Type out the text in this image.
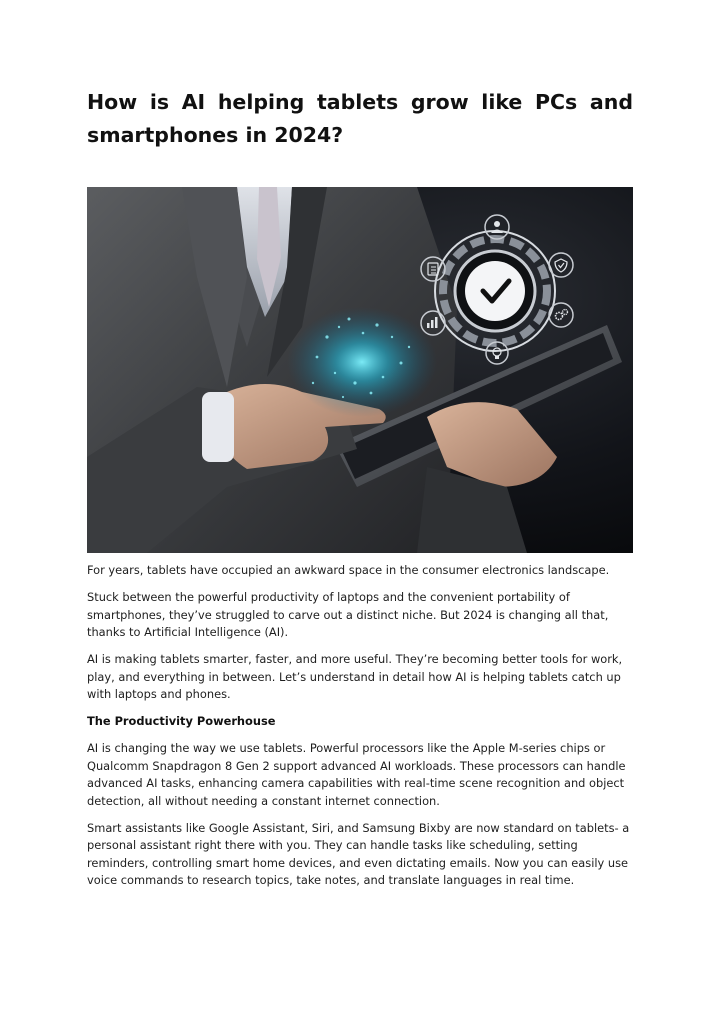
How is AI helping tablets grow like PCs and smartphones in 2024?

For years, tablets have occupied an awkward space in the consumer electronics landscape.

Stuck between the powerful productivity of laptops and the convenient portability of smartphones, they’ve struggled to carve out a distinct niche. But 2024 is changing all that, thanks to Artificial Intelligence (AI).

AI is making tablets smarter, faster, and more useful. They’re becoming better tools for work, play, and everything in between. Let’s understand in detail how AI is helping tablets catch up with laptops and phones.

The Productivity Powerhouse

AI is changing the way we use tablets. Powerful processors like the Apple M-series chips or Qualcomm Snapdragon 8 Gen 2 support advanced AI workloads. These processors can handle advanced AI tasks, enhancing camera capabilities with real-time scene recognition and object detection, all without needing a constant internet connection.

Smart assistants like Google Assistant, Siri, and Samsung Bixby are now standard on tablets- a personal assistant right there with you. They can handle tasks like scheduling, setting reminders, controlling smart home devices, and even dictating emails. Now you can easily use voice commands to research topics, take notes, and translate languages in real time.
